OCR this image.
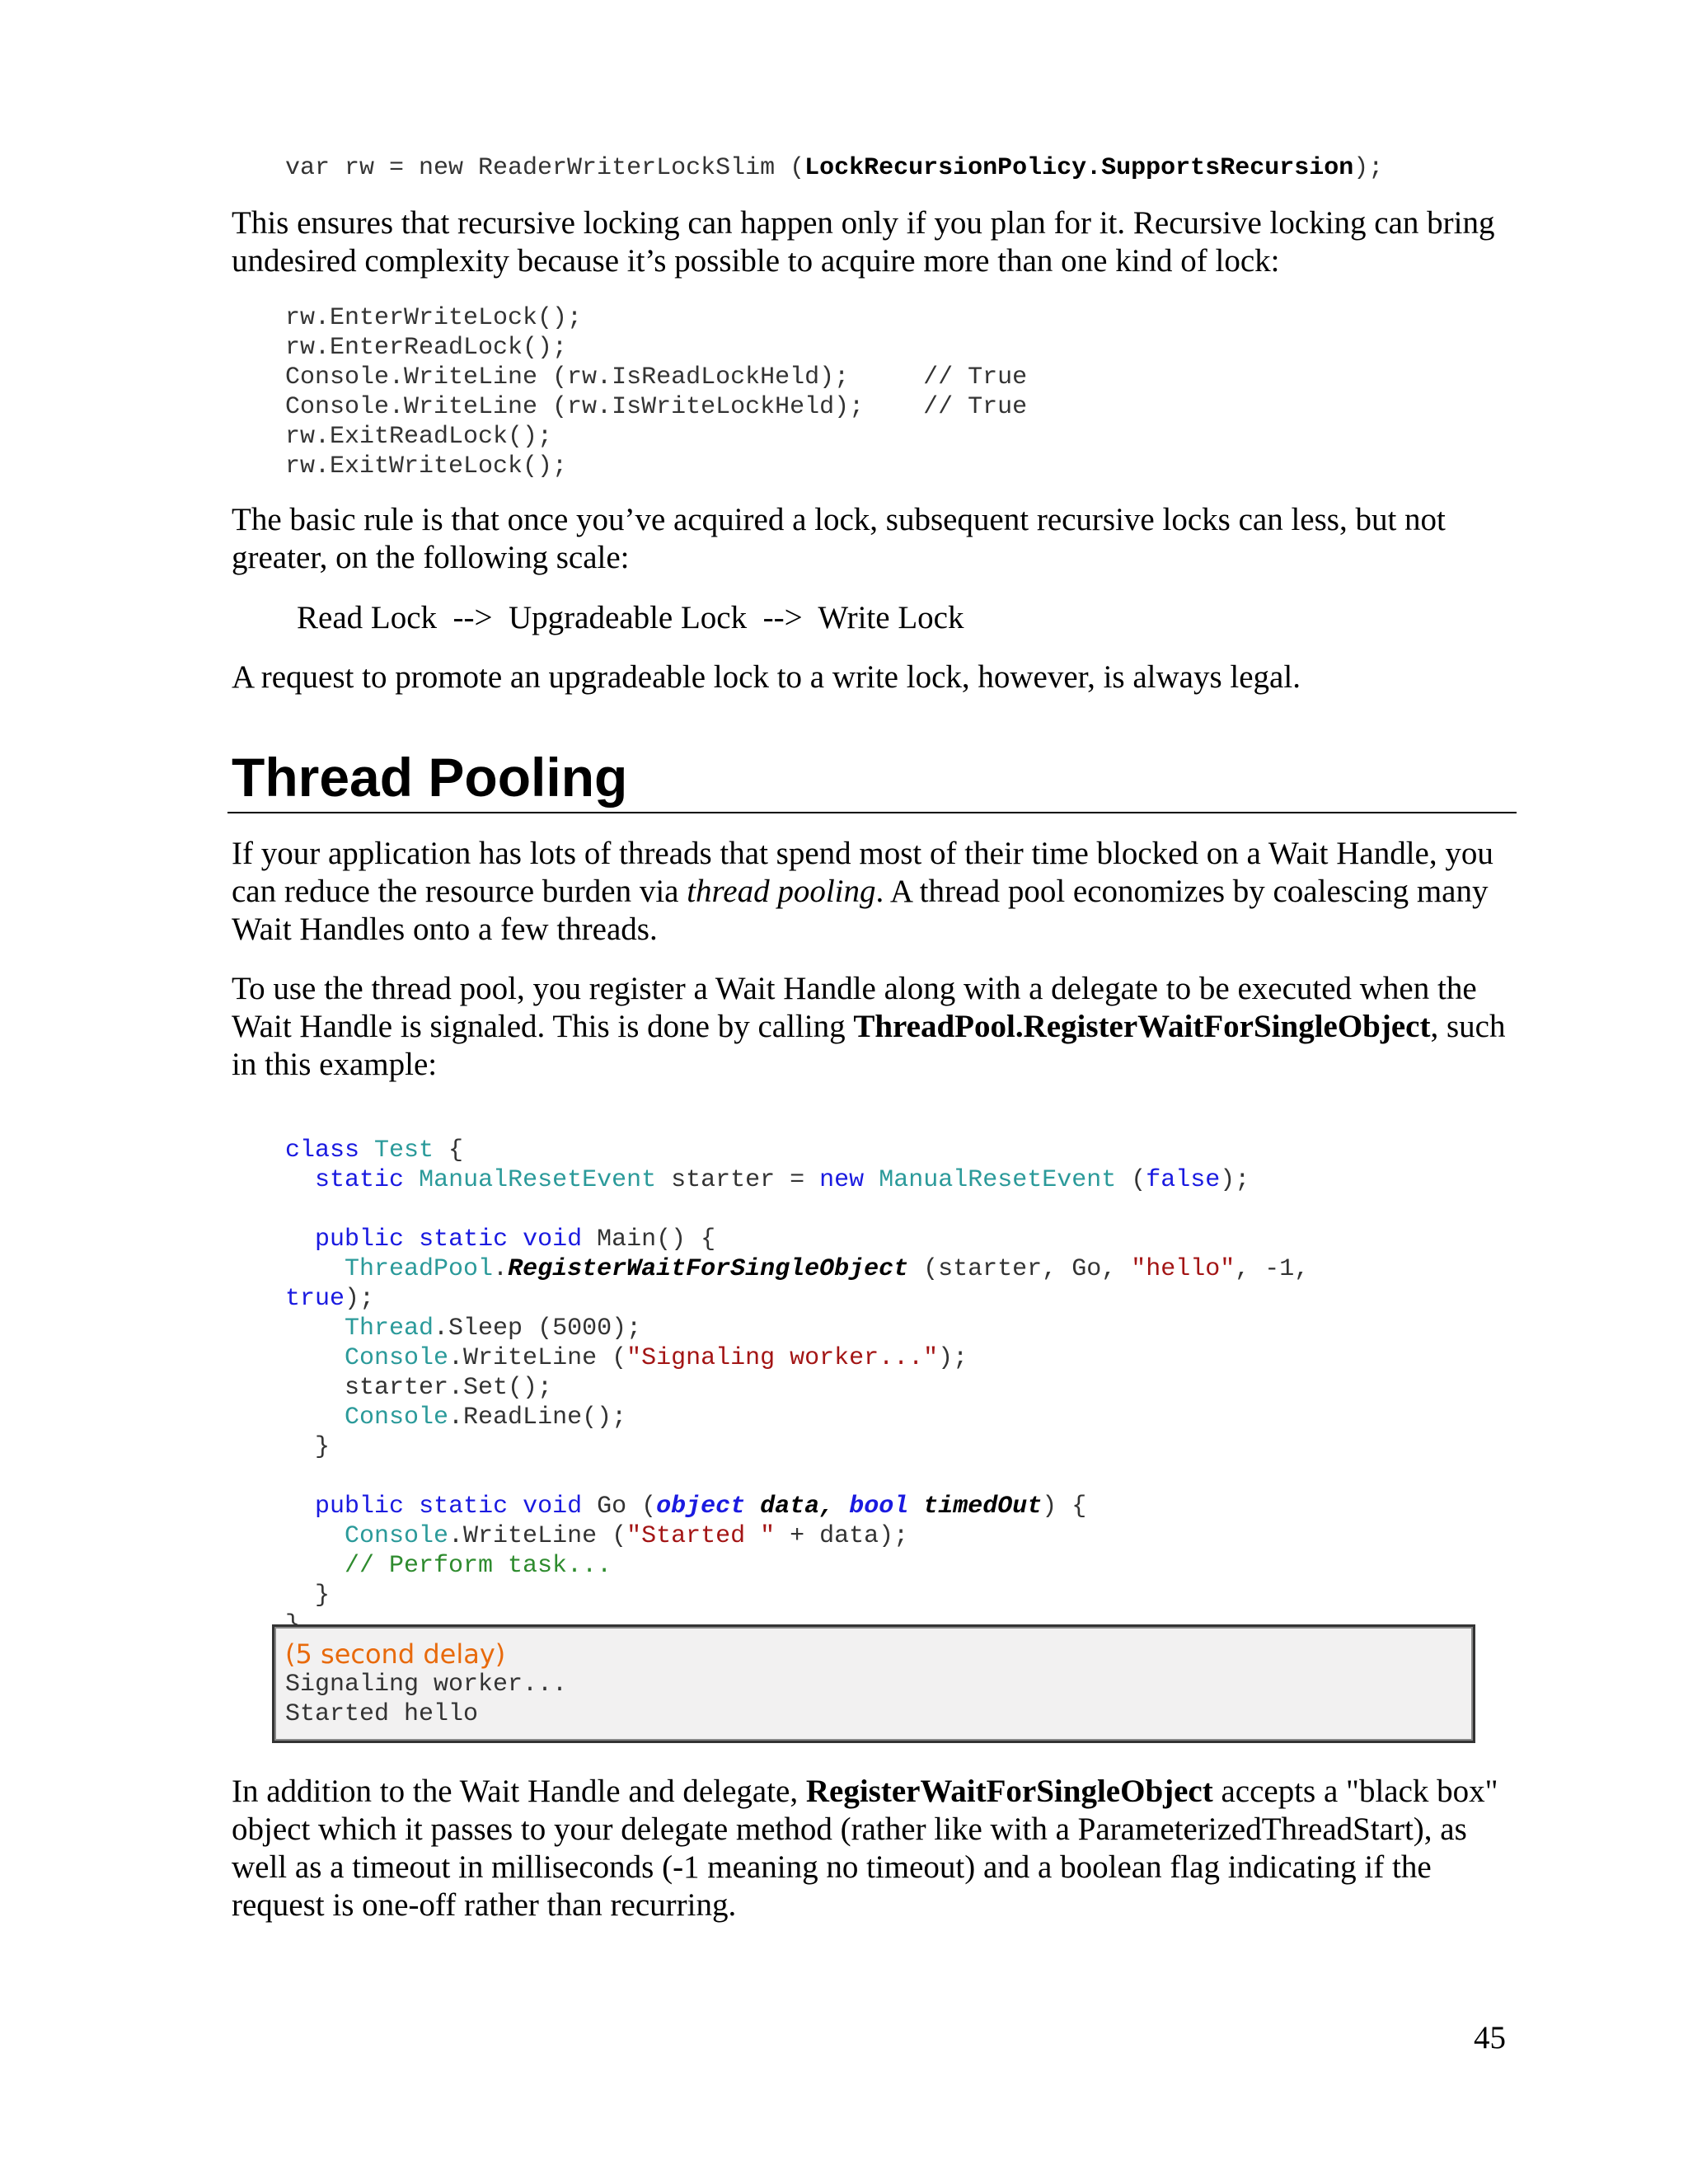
var rw = new ReaderWriterLockSlim (LockRecursionPolicy.SupportsRecursion);

This ensures that recursive locking can happen only if you plan for it. Recursive locking can bring undesired complexity because it’s possible to acquire more than one kind of lock:

rw.EnterWriteLock();
rw.EnterReadLock();
Console.WriteLine (rw.IsReadLockHeld);     // True
Console.WriteLine (rw.IsWriteLockHeld);    // True
rw.ExitReadLock();
rw.ExitWriteLock();

The basic rule is that once you’ve acquired a lock, subsequent recursive locks can less, but not greater, on the following scale:

Read Lock  -->  Upgradeable Lock  -->  Write Lock

A request to promote an upgradeable lock to a write lock, however, is always legal.

Thread Pooling

If your application has lots of threads that spend most of their time blocked on a Wait Handle, you can reduce the resource burden via thread pooling. A thread pool economizes by coalescing many Wait Handles onto a few threads.

To use the thread pool, you register a Wait Handle along with a delegate to be executed when the Wait Handle is signaled. This is done by calling ThreadPool.RegisterWaitForSingleObject, such in this example:

class Test {
static ManualResetEvent starter = new ManualResetEvent (false);

public static void Main() {
ThreadPool.RegisterWaitForSingleObject (starter, Go, "hello", -1,
true);
Thread.Sleep (5000);
Console.WriteLine ("Signaling worker...");
starter.Set();
Console.ReadLine();
}

public static void Go (object data, bool timedOut) {
Console.WriteLine ("Started " + data);
// Perform task...
}
(5 second delay)
Signaling worker...
Started hello

In addition to the Wait Handle and delegate, RegisterWaitForSingleObject accepts a "black box" object which it passes to your delegate method (rather like with a ParameterizedThreadStart), as well as a timeout in milliseconds (-1 meaning no timeout) and a boolean flag indicating if the request is one-off rather than recurring.

45
